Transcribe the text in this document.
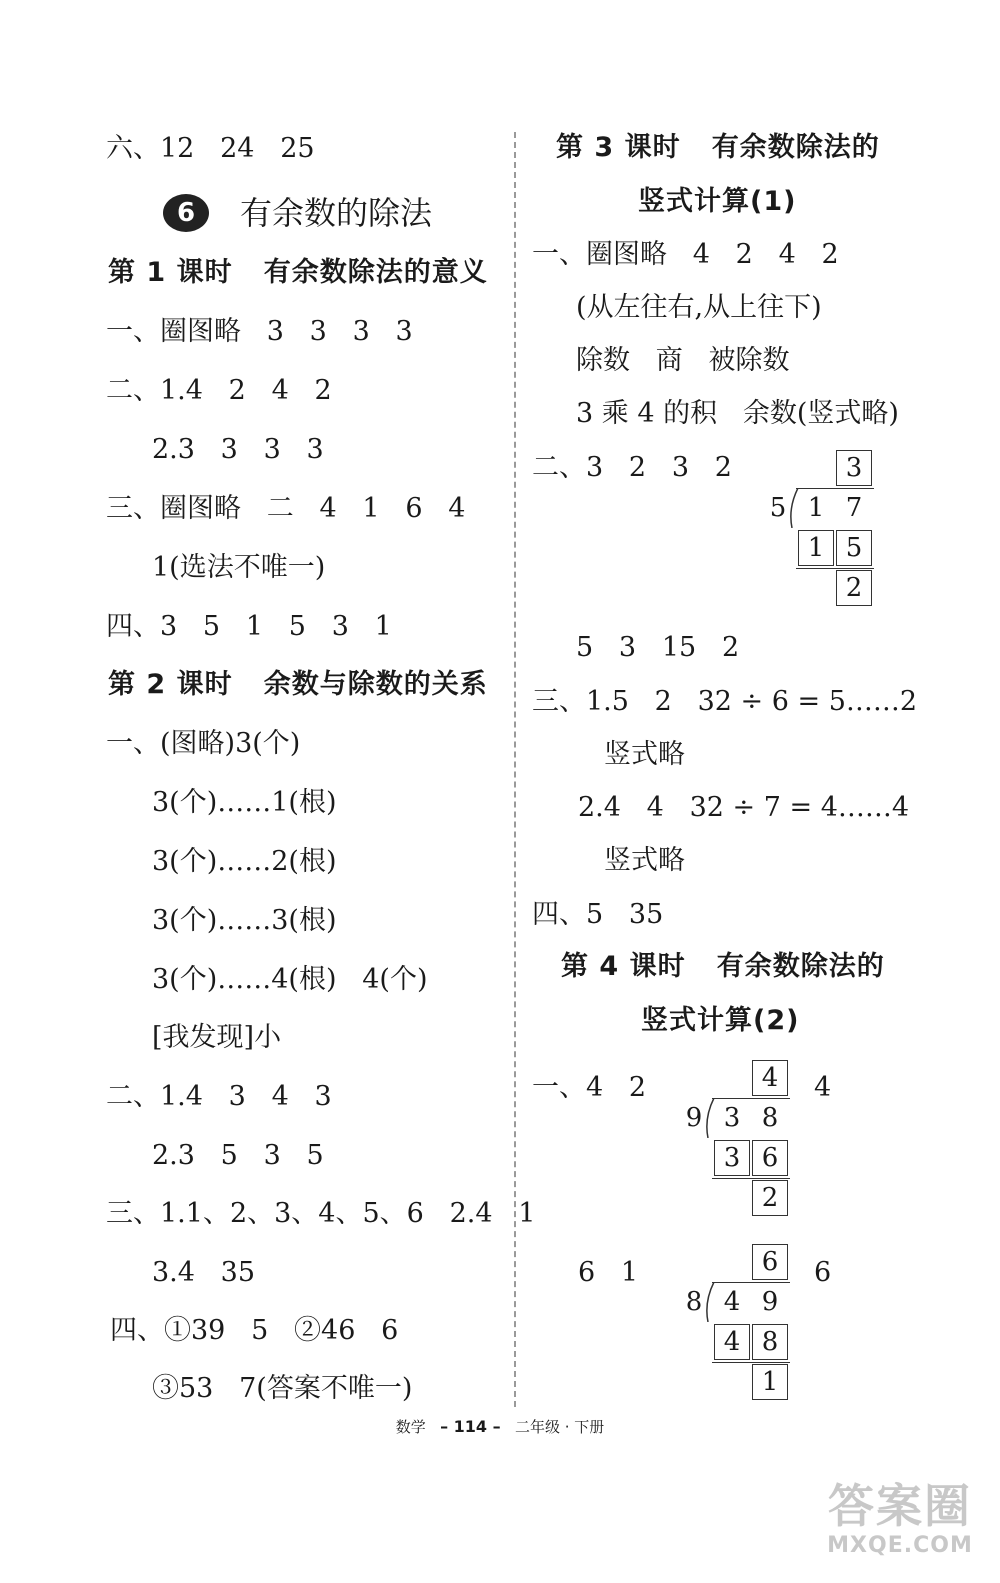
六、12   24   25
6	有余数的除法
第 1 课时   有余数除法的意义
一、圈图略   3   3   3   3
二、1.4   2   4   2
2.3   3   3   3
三、圈图略   二   4   1   6   4
1(选法不唯一)
四、3   5   1   5   3   1
第 2 课时   余数与除数的关系
一、(图略)3(个)
3(个)……1(根)
3(个)……2(根)
3(个)……3(根)
3(个)……4(根)   4(个)
[我发现]小
二、1.4   3   4   3
2.3   5   3   5
三、1.1、2、3、4、5、6   2.4   1
3.4   35
四、①39   5   ②46   6
③53   7(答案不唯一)
第 3 课时   有余数除法的
竖式计算(1)
一、圈图略   4   2   4   2
(从左往右,从上往下)
除数   商   被除数
3 乘 4 的积   余数(竖式略)
二、3   2   3   2	3
5 1 7
1 5
2
5   3   15   2
三、1.5   2   32 ÷ 6 = 5……2
竖式略
2.4   4   32 ÷ 7 = 4……4
竖式略
四、5   35
第 4 课时   有余数除法的
竖式计算(2)
一、4   2	4
4
9 3 8
3 6
2
6   1	6
6
8 4 9
4 8
1
数学 – 114 – 二年级 · 下册
答案圈
MXQE.COM
